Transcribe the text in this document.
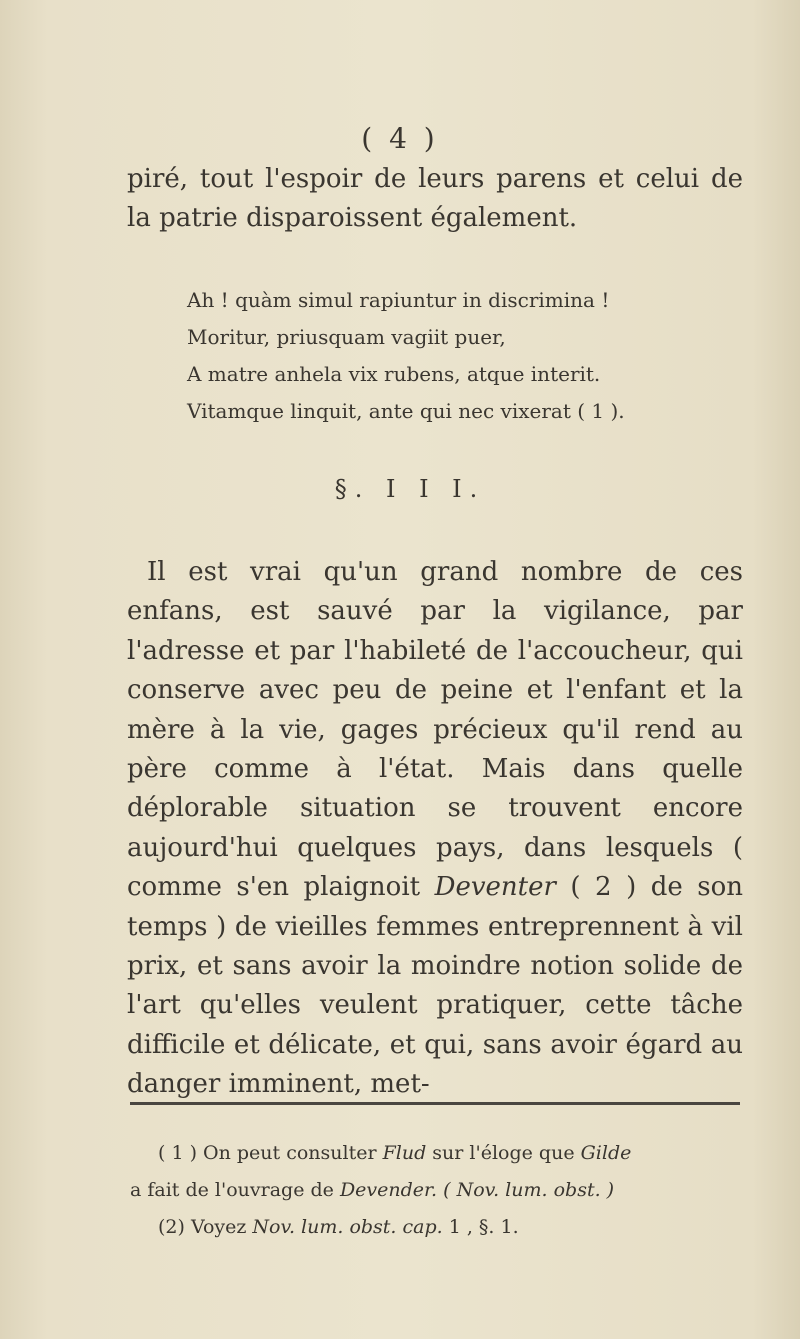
( 4 )

piré, tout l'espoir de leurs parens et celui de la patrie disparoissent également.

Ah ! quàm simul rapiuntur in discrimina !
Moritur, priusquam vagiit puer,
A matre anhela vix rubens, atque interit.
Vitamque linquit, ante qui nec vixerat ( 1 ).
§. I I I.

Il est vrai qu'un grand nombre de ces enfans, est sauvé par la vigilance, par l'adresse et par l'habileté de l'accoucheur, qui conserve avec peu de peine et l'enfant et la mère à la vie, gages précieux qu'il rend au père comme à l'état. Mais dans quelle déplorable situation se trouvent encore aujourd'hui quelques pays, dans lesquels ( comme s'en plaignoit Deventer ( 2 ) de son temps ) de vieilles femmes entreprennent à vil prix, et sans avoir la moindre notion solide de l'art qu'elles veulent pratiquer, cette tâche difficile et délicate, et qui, sans avoir égard au danger imminent, met-

( 1 ) On peut consulter Flud sur l'éloge que Gilde
a fait de l'ouvrage de Devender. ( Nov. lum. obst. )
(2) Voyez Nov. lum. obst. cap. 1 , §. 1.
